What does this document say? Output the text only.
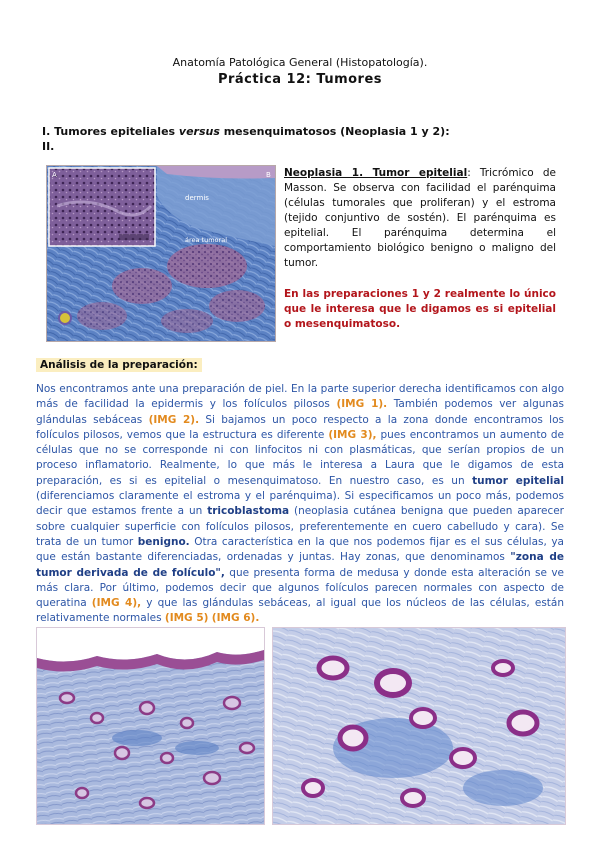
Anatomía Patológica General (Histopatología).
Práctica 12: Tumores
I. Tumores epiteliales versus mesenquimatosos (Neoplasia 1 y 2):
II.
A	B
dermis
área tumoral
Neoplasia 1. Tumor epitelial: Tricrómico de Masson. Se observa con facilidad el parénquima (células tumorales que proliferan) y el estroma (tejido conjuntivo de sostén). El parénquima es epitelial. El parénquima determina el comportamiento biológico benigno o maligno del tumor.
En las preparaciones 1 y 2 realmente lo único que le interesa que le digamos es si epitelial o mesenquimatoso.
Análisis de la preparación:
Nos encontramos ante una preparación de piel. En la parte superior derecha identificamos con algo más de facilidad la epidermis y los folículos pilosos (IMG 1). También podemos ver algunas glándulas sebáceas (IMG 2). Si bajamos un poco respecto a la zona donde encontramos los folículos pilosos, vemos que la estructura es diferente (IMG 3), pues encontramos un aumento de células que no se corresponde ni con linfocitos ni con plasmáticas, que serían propios de un proceso inflamatorio. Realmente, lo que más le interesa a Laura que le digamos de esta preparación, es si es epitelial o mesenquimatoso. En nuestro caso, es un tumor epitelial (diferenciamos claramente el estroma y el parénquima). Si especificamos un poco más, podemos decir que estamos frente a un tricoblastoma (neoplasia cutánea benigna que pueden aparecer sobre cualquier superficie con folículos pilosos, preferentemente en cuero cabelludo y cara). Se trata de un tumor benigno. Otra característica en la que nos podemos fijar es el sus células, ya que están bastante diferenciadas, ordenadas y juntas. Hay zonas, que denominamos "zona de tumor derivada de de folículo", que presenta forma de medusa y donde esta alteración se ve más clara. Por último, podemos decir que algunos folículos parecen normales con aspecto de queratina (IMG 4), y que las glándulas sebáceas, al igual que los núcleos de las células, están relativamente normales (IMG 5) (IMG 6).
